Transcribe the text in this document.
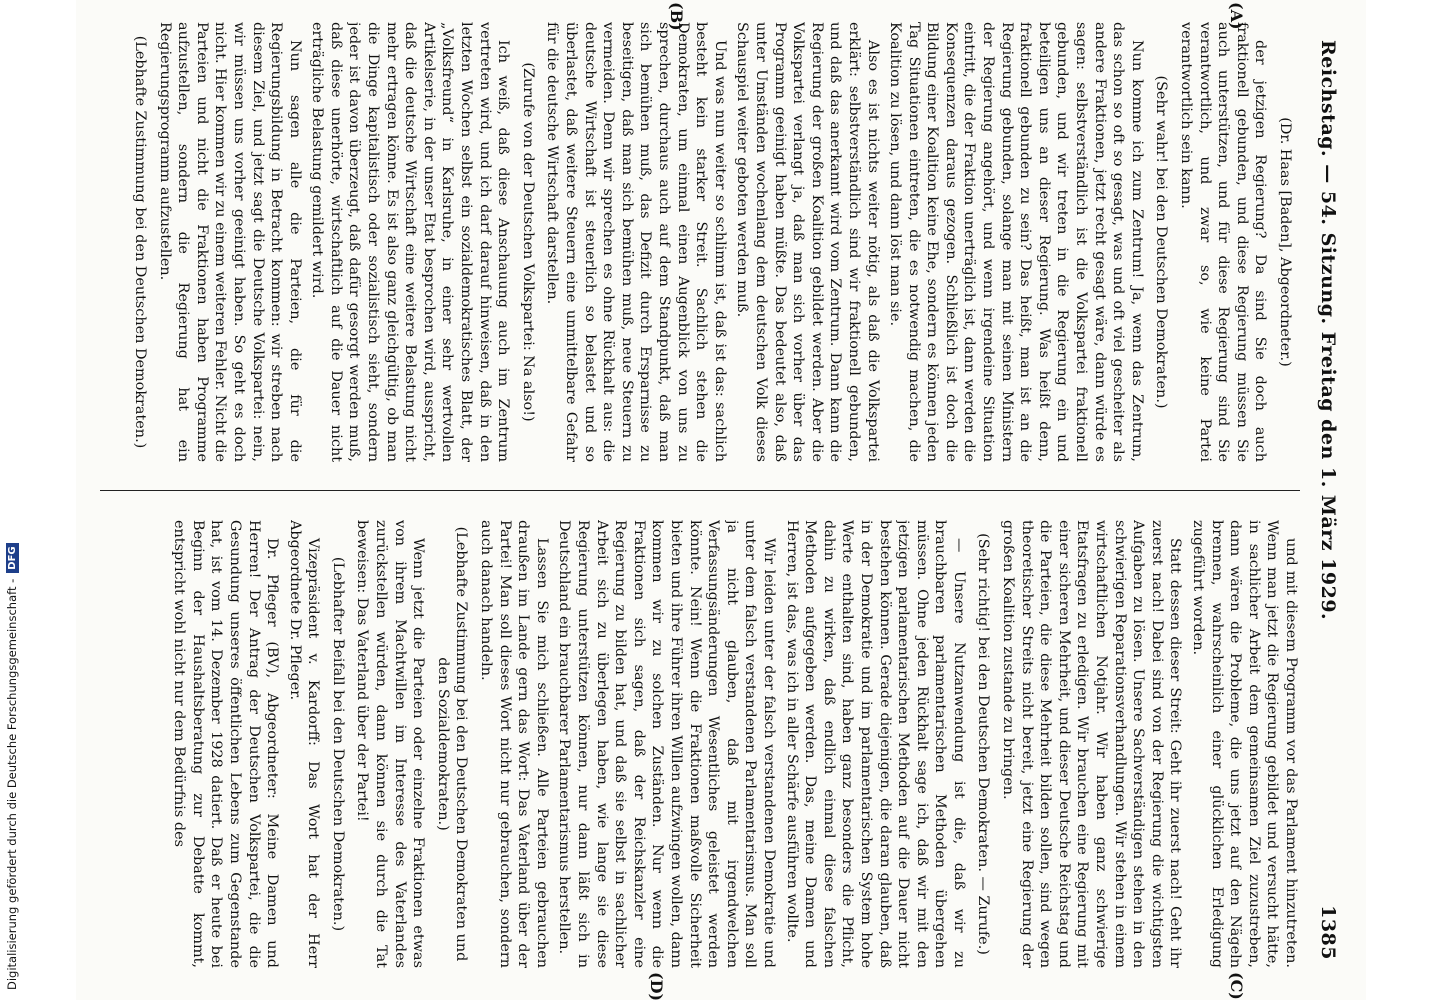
Reichstag. — 54. Sitzung. Freitag den 1. März 1929.
1385
(A)
(B)
(C)
(D)

(Dr. Haas [Baden], Abgeordneter.)

der jetzigen Regierung? Da sind Sie doch auch fraktionell gebunden, und diese Regierung müssen Sie auch unterstützen, und für diese Regierung sind Sie verantwortlich, und zwar so, wie keine Partei verantwortlich sein kann.

(Sehr wahr! bei den Deutschen Demokraten.)

Nun komme ich zum Zentrum! Ja, wenn das Zentrum, das schon so oft so gesagt, was und oft viel gescheiter als andere Fraktionen, jetzt recht gesagt wäre, dann würde es sagen: selbstverständlich ist die Volkspartei fraktionell gebunden, und wir treten in die Regierung ein und beteiligen uns an dieser Regierung. Was heißt denn, fraktionell gebunden zu sein? Das heißt, man ist an die Regierung gebunden, solange man mit seinen Ministern der Regierung angehört, und wenn irgendeine Situation eintritt, die der Fraktion unerträglich ist, dann werden die Konsequenzen daraus gezogen. Schließlich ist doch die Bildung einer Koalition keine Ehe, sondern es können jeden Tag Situationen eintreten, die es notwendig machen, die Koalition zu lösen, und dann löst man sie.

Also es ist nichts weiter nötig, als daß die Volkspartei erklärt: selbstverständlich sind wir fraktionell gebunden, und daß das anerkannt wird vom Zentrum. Dann kann die Regierung der großen Koalition gebildet werden. Aber die Volkspartei verlangt ja, daß man sich vorher über das Programm geeinigt haben müßte. Das bedeutet also, daß unter Umständen wochenlang dem deutschen Volk dieses Schauspiel weiter geboten werden muß.

Und was nun weiter so schlimm ist, daß ist das: sachlich besteht kein starker Streit. Sachlich stehen die Demokraten, um einmal einen Augenblick von uns zu sprechen, durchaus auch auf dem Standpunkt, daß man sich bemühen muß, das Defizit durch Ersparnisse zu beseitigen, daß man sich bemühen muß, neue Steuern zu vermeiden. Denn wir sprechen es ohne Rückhalt aus: die deutsche Wirtschaft ist steuerlich so belastet und so überlastet, daß weitere Steuern eine unmittelbare Gefahr für die deutsche Wirtschaft darstellen.

(Zurufe von der Deutschen Volkspartei: Na also!)

Ich weiß, daß diese Anschauung auch im Zentrum vertreten wird, und ich darf darauf hinweisen, daß in den letzten Wochen selbst ein sozialdemokratisches Blatt, der „Volksfreund“ in Karlsruhe, in einer sehr wertvollen Artikelserie, in der unser Etat besprochen wird, ausspricht, daß die deutsche Wirtschaft eine weitere Belastung nicht mehr ertragen könne. Es ist also ganz gleichgültig, ob man die Dinge kapitalistisch oder sozialistisch sieht, sondern jeder ist davon überzeugt, daß dafür gesorgt werden muß, daß diese unerhörte, wirtschaftlich auf die Dauer nicht erträgliche Belastung gemildert wird.

Nun sagen alle die Parteien, die für die Regierungsbildung in Betracht kommen: wir streben nach diesem Ziel, und jetzt sagt die Deutsche Volkspartei: nein, wir müssen uns vorher geeinigt haben. So geht es doch nicht. Hier kommen wir zu einem weiteren Fehler. Nicht die Parteien und nicht die Fraktionen haben Programme aufzustellen, sondern die Regierung hat ein Regierungsprogramm aufzustellen.

(Lebhafte Zustimmung bei den Deutschen Demokraten.)

und mit diesem Programm vor das Parlament hinzutreten. Wenn man jetzt die Regierung gebildet und versucht hätte, in sachlicher Arbeit dem gemeinsamen Ziel zuzustreben, dann wären die Probleme, die uns jetzt auf den Nägeln brennen, wahrscheinlich einer glücklichen Erledigung zugeführt worden.

Statt dessen dieser Streit: Geht ihr zuerst nach! Geht ihr zuerst nach! Dabei sind von der Regierung die wichtigsten Aufgaben zu lösen. Unsere Sachverständigen stehen in den schwierigen Reparationsverhandlungen. Wir stehen in einem wirtschaftlichen Notjahr. Wir haben ganz schwierige Etatsfragen zu erledigen. Wir brauchen eine Regierung mit einer sicheren Mehrheit, und dieser Deutsche Reichstag und die Parteien, die diese Mehrheit bilden sollen, sind wegen theoretischer Streits nicht bereit, jetzt eine Regierung der großen Koalition zustande zu bringen.

(Sehr richtig! bei den Deutschen Demokraten. — Zurufe.)

— Unsere Nutzanwendung ist die, daß wir zu brauchbaren parlamentarischen Methoden übergehen müssen. Ohne jeden Rückhalt sage ich, daß wir mit den jetzigen parlamentarischen Methoden auf die Dauer nicht bestehen können. Gerade diejenigen, die daran glauben, daß in der Demokratie und im parlamentarischen System hohe Werte enthalten sind, haben ganz besonders die Pflicht, dahin zu wirken, daß endlich einmal diese falschen Methoden aufgegeben werden. Das, meine Damen und Herren, ist das, was ich in aller Schärfe ausführen wollte.

Wir leiden unter der falsch verstandenen Demokratie und unter dem falsch verstandenen Parlamentarismus. Man soll ja nicht glauben, daß mit irgendwelchen Verfassungsänderungen Wesentliches geleistet werden könnte. Nein! Wenn die Fraktionen maßvolle Sicherheit bieten und ihre Führer ihren Willen aufzwingen wollen, dann kommen wir zu solchen Zuständen. Nur wenn die Fraktionen sich sagen, daß der Reichskanzler eine Regierung zu bilden hat, und daß sie selbst in sachlicher Arbeit sich zu überlegen haben, wie lange sie diese Regierung unterstützen können, nur dann läßt sich in Deutschland ein brauchbarer Parlamentarismus herstellen.

Lassen Sie mich schließen. Alle Parteien gebrauchen draußen im Lande gern das Wort: Das Vaterland über der Partei! Man soll dieses Wort nicht nur gebrauchen, sondern auch danach handeln.

(Lebhafte Zustimmung bei den Deutschen Demokraten und den Sozialdemokraten.)

Wenn jetzt die Parteien oder einzelne Fraktionen etwas von ihrem Machtwillen im Interesse des Vaterlandes zurückstellen würden, dann können sie durch die Tat beweisen: Das Vaterland über der Partei!

(Lebhafter Beifall bei den Deutschen Demokraten.)

Vizepräsident v. Kardorff: Das Wort hat der Herr Abgeordnete Dr. Pfleger.

Dr. Pfleger (BV), Abgeordneter: Meine Damen und Herren! Der Antrag der Deutschen Volkspartei, die die Gesundung unseres öffentlichen Lebens zum Gegenstande hat, ist vom 14. Dezember 1928 datiert. Daß er heute bei Beginn der Haushaltsberatung zur Debatte kommt, entspricht wohl nicht nur dem Bedürfnis des

Digitalisierung gefördert durch die Deutsche Forschungsgemeinschaft -
DFG
